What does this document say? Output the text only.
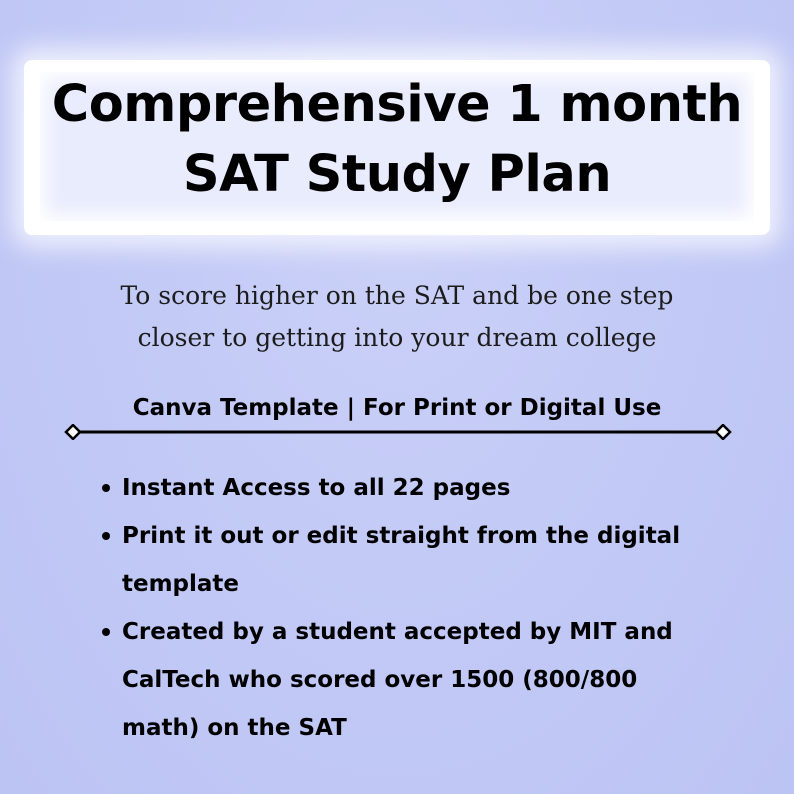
Comprehensive 1 month
SAT Study Plan
To score higher on the SAT and be one step
closer to getting into your dream college
Canva Template | For Print or Digital Use
Instant Access to all 22 pages
Print it out or edit straight from the digital
template
Created by a student accepted by MIT and
CalTech who scored over 1500 (800/800
math) on the SAT
